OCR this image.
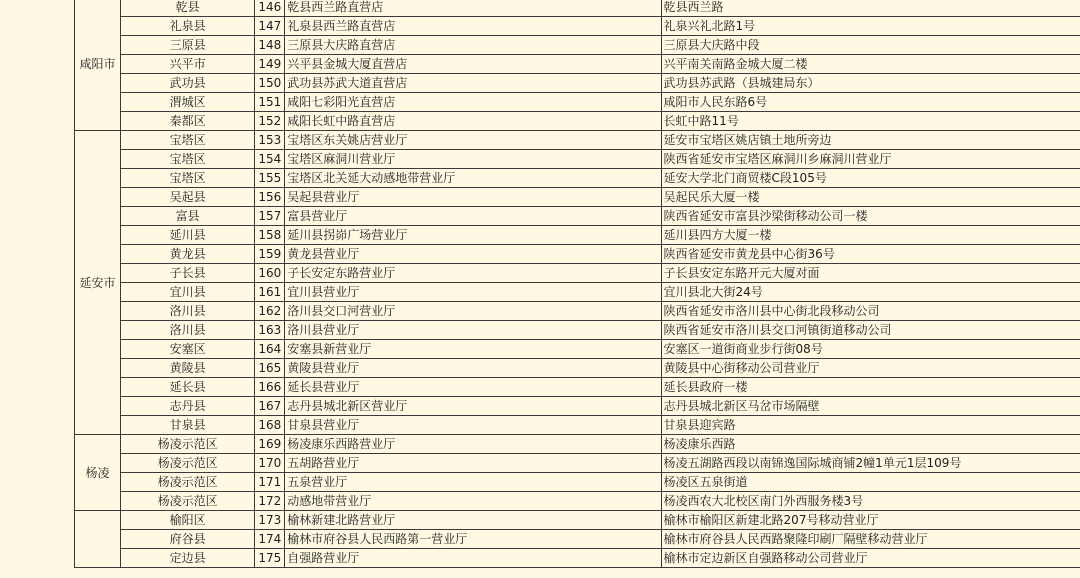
咸阳市	乾县	146	乾县西兰路直营店	乾县西兰路
	礼泉县	147	礼泉县西兰路直营店	礼泉兴礼北路1号
	三原县	148	三原县大庆路直营店	三原县大庆路中段
	兴平市	149	兴平县金城大厦直营店	兴平南关南路金城大厦二楼
	武功县	150	武功县苏武大道直营店	武功县苏武路（县城建局东）
	渭城区	151	咸阳七彩阳光直营店	咸阳市人民东路6号
	秦都区	152	咸阳长虹中路直营店	长虹中路11号
延安市	宝塔区	153	宝塔区东关姚店营业厅	延安市宝塔区姚店镇土地所旁边
	宝塔区	154	宝塔区麻洞川营业厅	陕西省延安市宝塔区麻洞川乡麻洞川营业厅
	宝塔区	155	宝塔区北关延大动感地带营业厅	延安大学北门商贸楼C段105号
	吴起县	156	吴起县营业厅	吴起民乐大厦一楼
	富县	157	富县营业厅	陕西省延安市富县沙梁街移动公司一楼
	延川县	158	延川县拐峁广场营业厅	延川县四方大厦一楼
	黄龙县	159	黄龙县营业厅	陕西省延安市黄龙县中心街36号
	子长县	160	子长安定东路营业厅	子长县安定东路开元大厦对面
	宜川县	161	宜川县营业厅	宜川县北大街24号
	洛川县	162	洛川县交口河营业厅	陕西省延安市洛川县中心街北段移动公司
	洛川县	163	洛川县营业厅	陕西省延安市洛川县交口河镇街道移动公司
	安塞区	164	安塞县新营业厅	安塞区一道街商业步行街08号
	黄陵县	165	黄陵县营业厅	黄陵县中心街移动公司营业厅
	延长县	166	延长县营业厅	延长县政府一楼
	志丹县	167	志丹县城北新区营业厅	志丹县城北新区马岔市场隔壁
	甘泉县	168	甘泉县营业厅	甘泉县迎宾路
杨凌	杨凌示范区	169	杨凌康乐西路营业厅	杨凌康乐西路
	杨凌示范区	170	五胡路营业厅	杨凌五湖路西段以南锦逸国际城商铺2幢1单元1层109号
	杨凌示范区	171	五泉营业厅	杨凌区五泉街道
	杨凌示范区	172	动感地带营业厅	杨凌西农大北校区南门外西服务楼3号
	榆阳区	173	榆林新建北路营业厅	榆林市榆阳区新建北路207号移动营业厅
	府谷县	174	榆林市府谷县人民西路第一营业厅	榆林市府谷县人民西路聚隆印刷厂隔壁移动营业厅
	定边县	175	自强路营业厅	榆林市定边新区自强路移动公司营业厅
